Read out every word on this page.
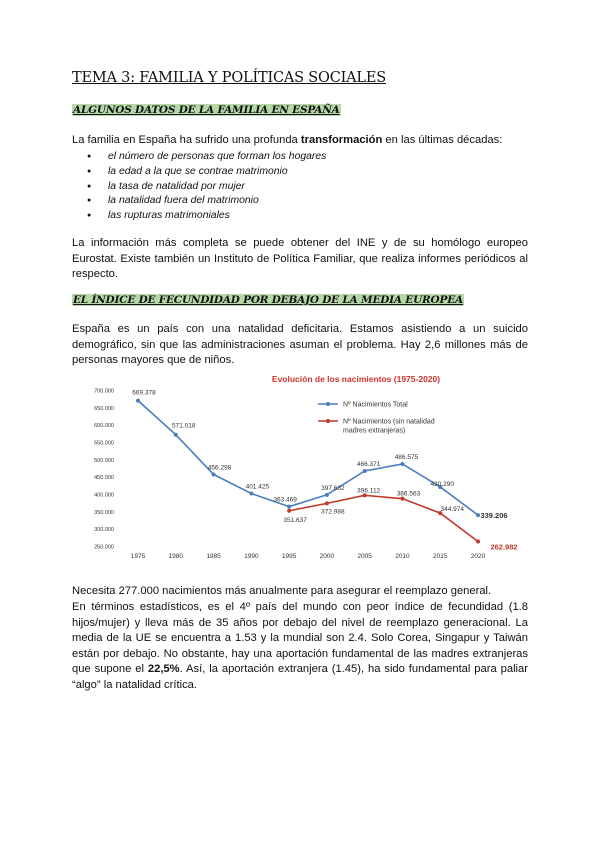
TEMA 3: FAMILIA Y POLÍTICAS SOCIALES
ALGUNOS DATOS DE LA FAMILIA EN ESPAÑA
La familia en España ha sufrido una profunda transformación en las últimas décadas:
● el número de personas que forman los hogares
● la edad a la que se contrae matrimonio
● la tasa de natalidad por mujer
● la natalidad fuera del matrimonio
● las rupturas matrimoniales
La información más completa se puede obtener del INE y de su homólogo europeo Eurostat. Existe también un Instituto de Política Familiar, que realiza informes periódicos al respecto.
EL ÍNDICE DE FECUNDIDAD POR DEBAJO DE LA MEDIA EUROPEA
España es un país con una natalidad deficitaria. Estamos asistiendo a un suicido demográfico, sin que las administraciones asuman el problema. Hay 2,6 millones más de personas mayores que de niños.
Evolución de los nacimientos (1975-2020)
700.000
650.000
600.000
550.000
500.000
450.000
400.000
350.000
300.000
250.000
1975	1980	1985	1990	1995	2000	2005	2010	2015	2020
669.378
571.018
456.298
401.425
363.469
397.632
466.371
486.575
420.290
339.206
351.637
372.988
396.112	386.563
344.974
262.982
Nº Nacimientos Total
Nº Nacimientos (sin natalidad
madres extranjeras)
Necesita 277.000 nacimientos más anualmente para asegurar el reemplazo general.
En términos estadísticos, es el 4º país del mundo con peor índice de fecundidad (1.8 hijos/mujer) y lleva más de 35 años por debajo del nivel de reemplazo generacional. La media de la UE se encuentra a 1.53 y la mundial son 2.4. Solo Corea, Singapur y Taiwán están por debajo. No obstante, hay una aportación fundamental de las madres extranjeras que supone el 22,5%. Así, la aportación extranjera (1.45), ha sido fundamental para paliar “algo” la natalidad crítica.
